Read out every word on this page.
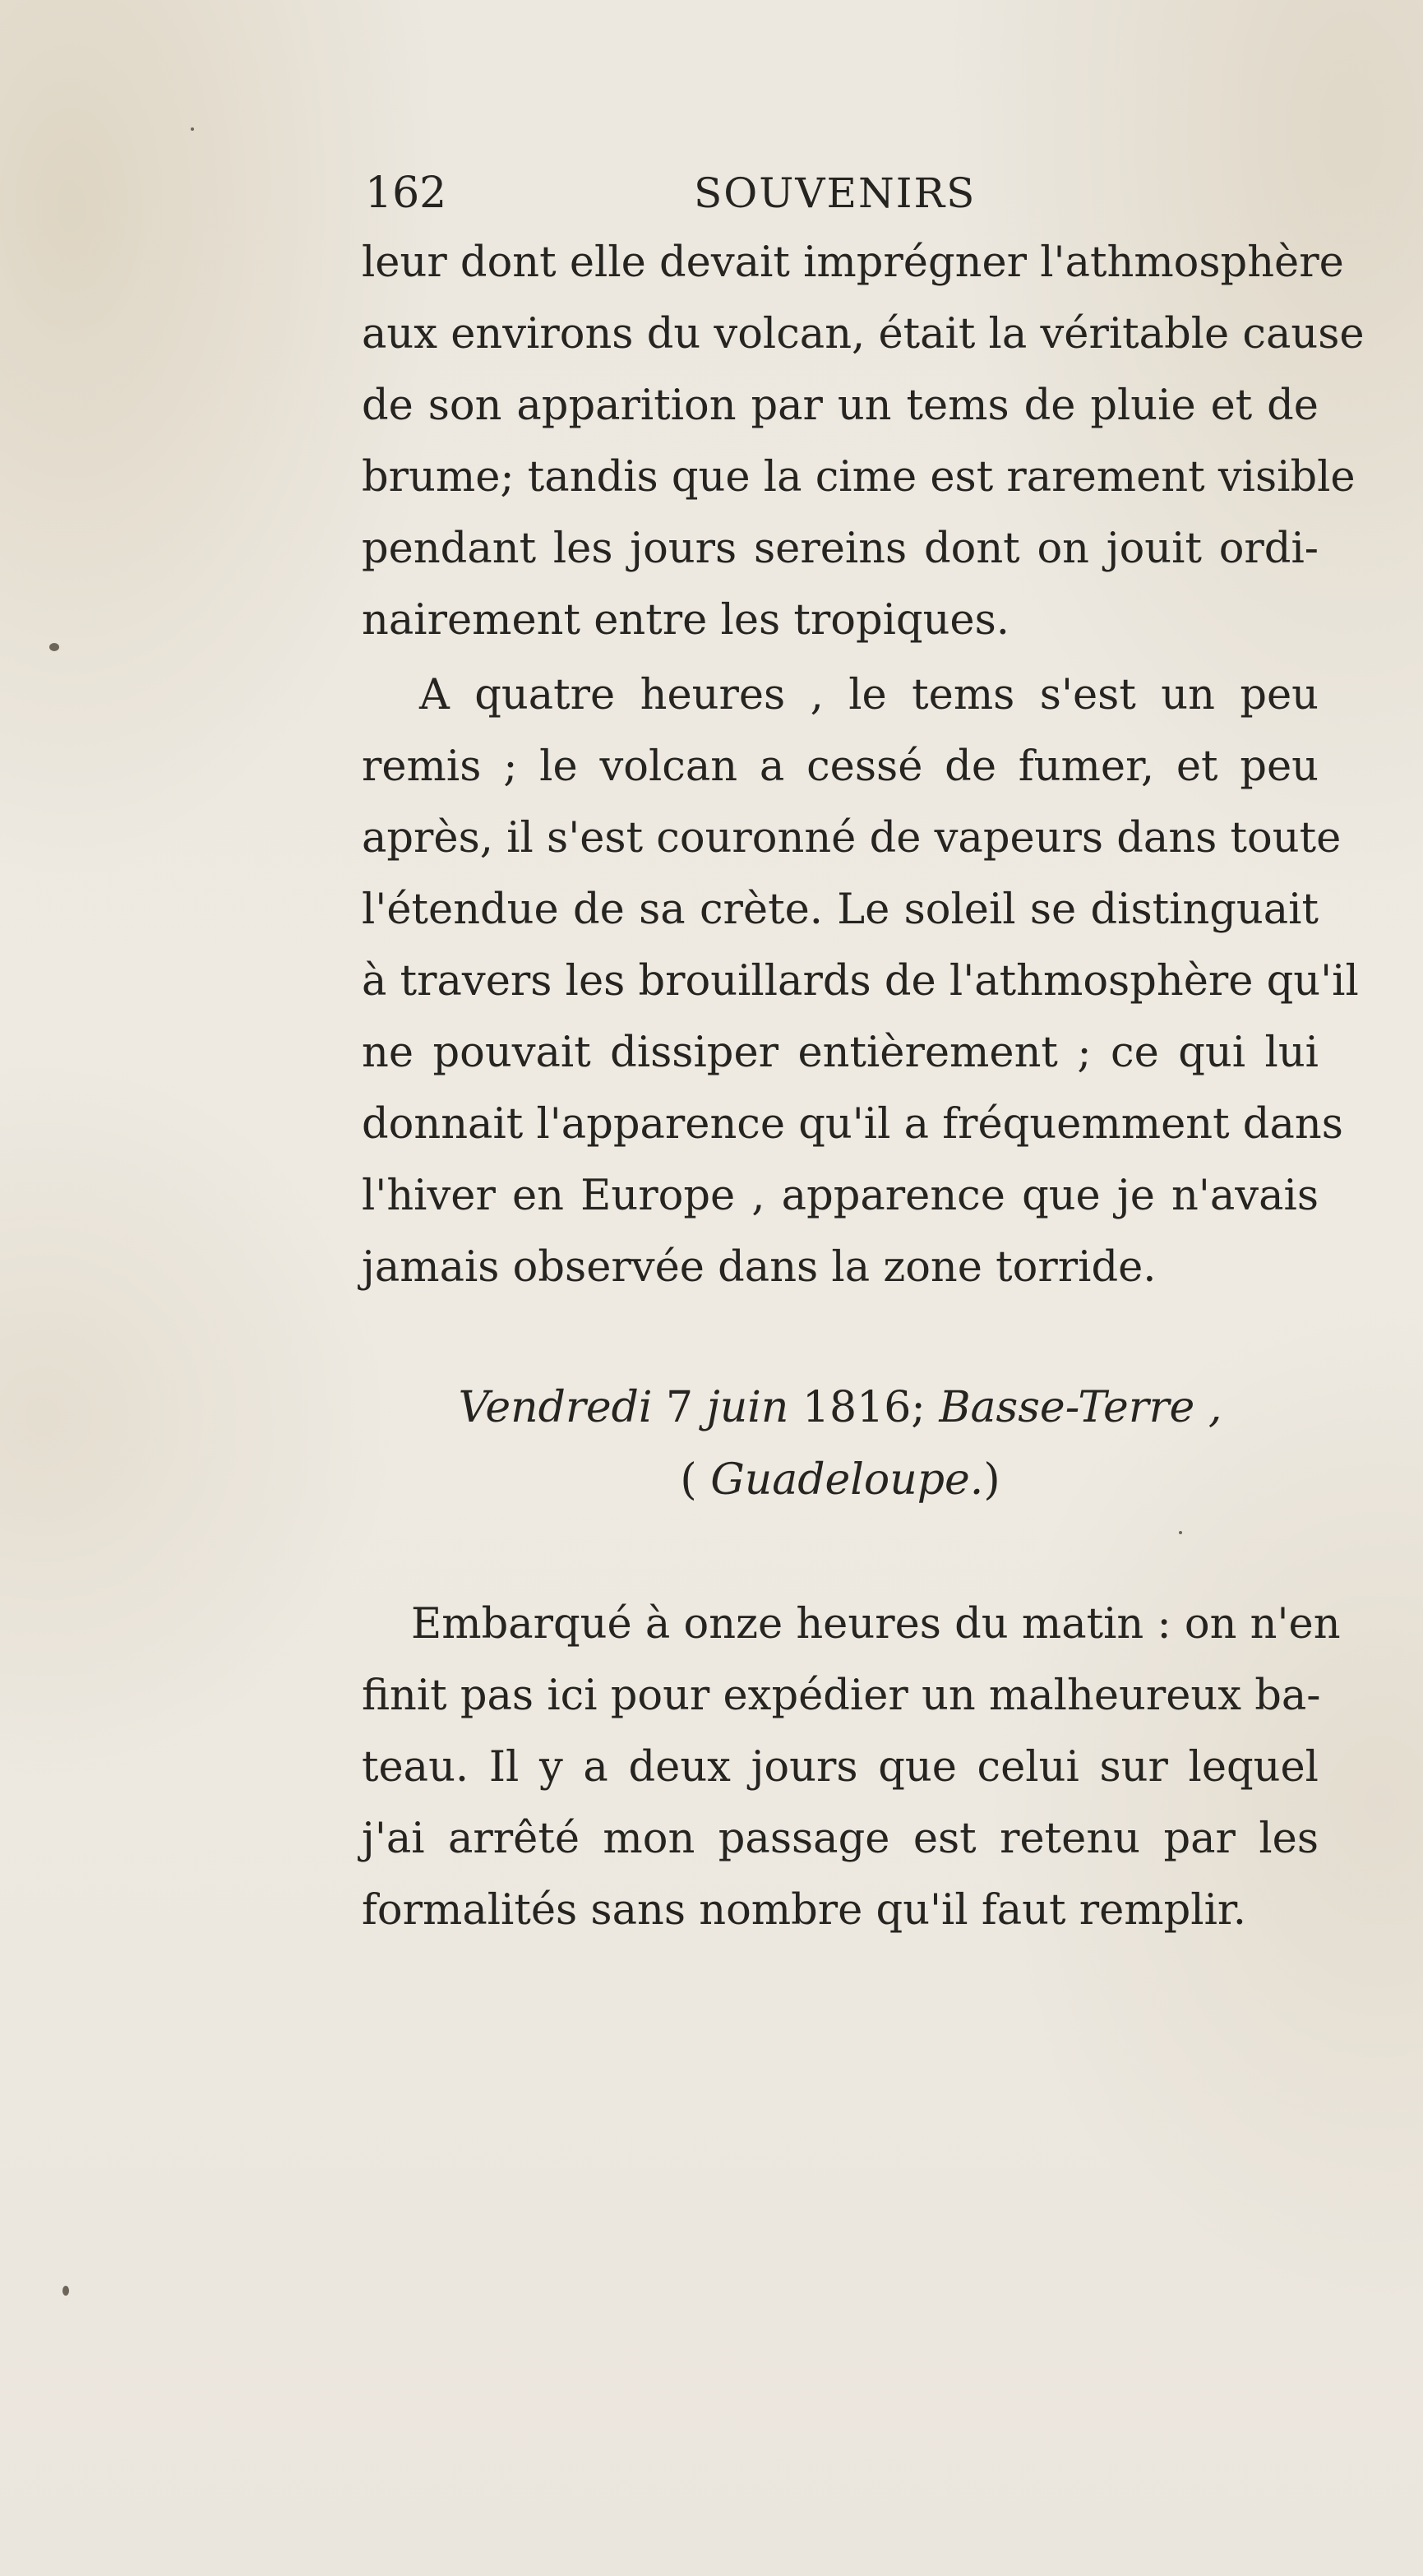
162	SOUVENIRS
leur dont elle devait imprégner l'athmosphère
aux environs du volcan, était la véritable cause
de son apparition par un tems de pluie et de
brume; tandis que la cime est rarement visible
pendant les jours sereins dont on jouit ordi-
nairement entre les tropiques.
A quatre heures , le tems s'est un peu
remis ; le volcan a cessé de fumer, et peu
après, il s'est couronné de vapeurs dans toute
l'étendue de sa crète. Le soleil se distinguait
à travers les brouillards de l'athmosphère qu'il
ne pouvait dissiper entièrement ; ce qui lui
donnait l'apparence qu'il a fréquemment dans
l'hiver en Europe , apparence que je n'avais
jamais observée dans la zone torride.
Vendredi 7 juin 1816; Basse-Terre ,
( Guadeloupe.)
Embarqué à onze heures du matin : on n'en
finit pas ici pour expédier un malheureux ba-
teau. Il y a deux jours que celui sur lequel
j'ai arrêté mon passage est retenu par les
formalités sans nombre qu'il faut remplir.
